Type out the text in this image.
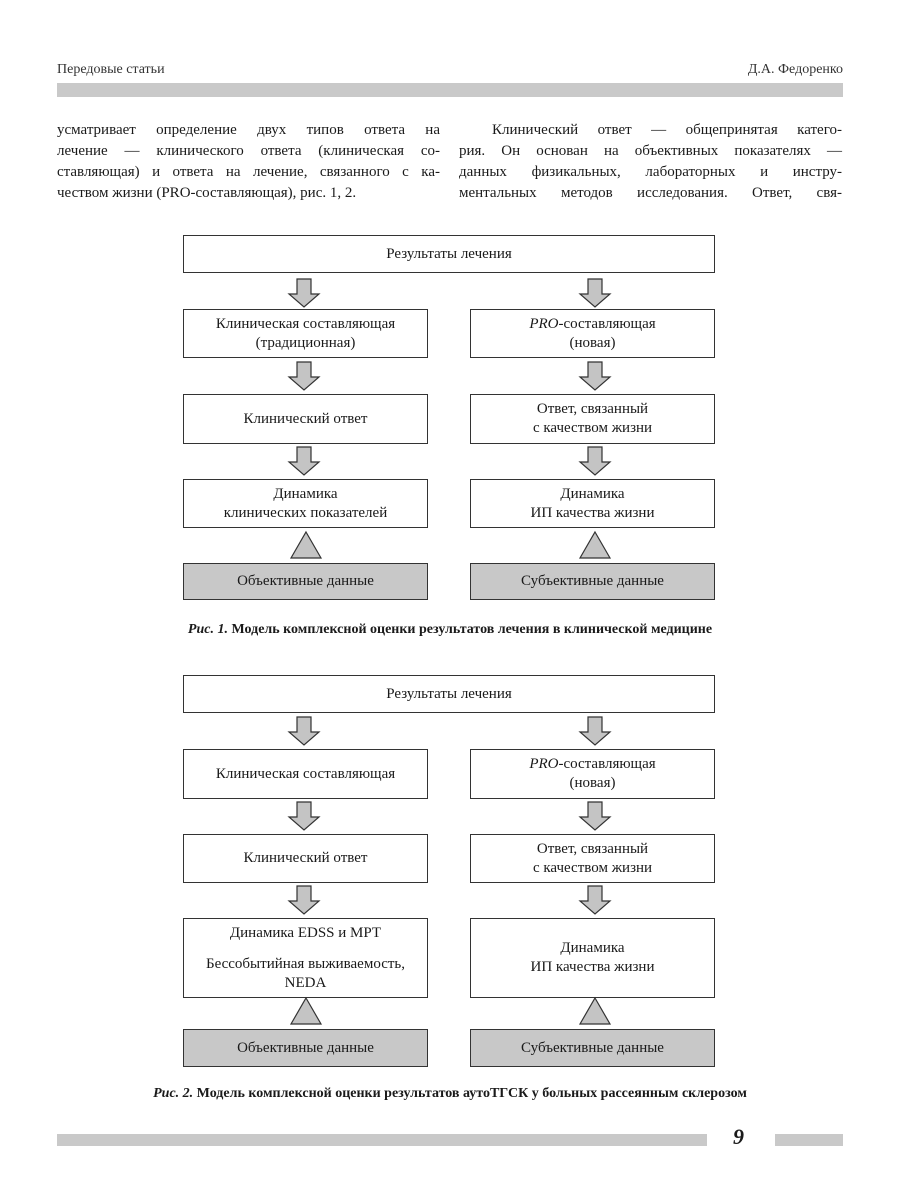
Передовые статьи	Д.А. Федоренко

усматривает определение двух типов ответа на

лечение — клинического ответа (клиническая со-

ставляющая) и ответа на лечение, связанного с ка-

чеством жизни (PRO-составляющая), рис. 1, 2.

Клинический ответ — общепринятая катего-

рия. Он основан на объективных показателях —

данных физикальных, лабораторных и инстру-

ментальных методов исследования. Ответ, свя-

Результаты лечения
Клиническая составляющая
(традиционная)
PRO-составляющая
(новая)
Клинический ответ
Ответ, связанный
с качеством жизни
Динамика
клинических показателей
Динамика
ИП качества жизни
Объективные данные	Субъективные данные
Рис. 1. Модель комплексной оценки результатов лечения в клинической медицине
Результаты лечения
Клиническая составляющая
PRO-составляющая
(новая)
Клинический ответ
Ответ, связанный
с качеством жизни
Динамика EDSS и МРТ
Бессобытийная выживаемость,
NEDA
Динамика
ИП качества жизни
Объективные данные	Субъективные данные
Рис. 2. Модель комплексной оценки результатов аутоТГСК у больных рассеянным склерозом
9
